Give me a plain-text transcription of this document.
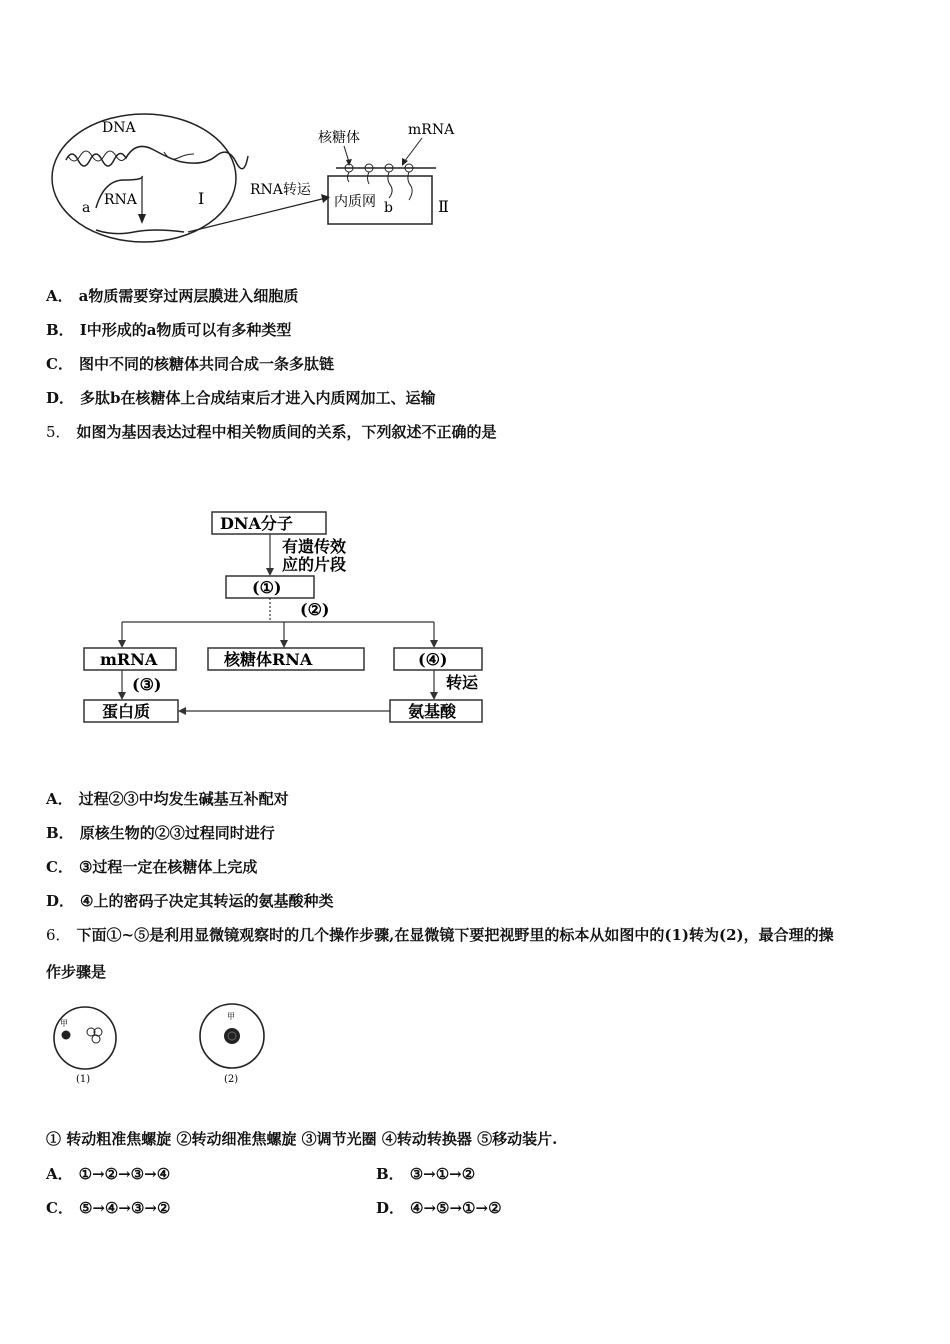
DNA
RNA
a	Ⅰ	RNA转运
内质网 b	Ⅱ
核糖体	mRNA
A． a物质需要穿过两层膜进入细胞质
B． Ⅰ中形成的a物质可以有多种类型
C． 图中不同的核糖体共同合成一条多肽链
D． 多肽b在核糖体上合成结束后才进入内质网加工、运输
5． 如图为基因表达过程中相关物质间的关系，下列叙述不正确的是
DNA分子
有遗传效
应的片段
(①)
(②)
mRNA	核糖体RNA	(④)
(③)	转运
蛋白质	氨基酸
A． 过程②③中均发生碱基互补配对
B． 原核生物的②③过程同时进行
C． ③过程一定在核糖体上完成
D． ④上的密码子决定其转运的氨基酸种类
6． 下面①~⑤是利用显微镜观察时的几个操作步骤,在显微镜下要把视野里的标本从如图中的(1)转为(2)，最合理的操
作步骤是
甲
(1)
甲
(2)
① 转动粗准焦螺旋 ②转动细准焦螺旋 ③调节光圈 ④转动转换器 ⑤移动装片.
A． ①→②→③→④	B． ③→①→②
C． ⑤→④→③→②	D． ④→⑤→①→②
